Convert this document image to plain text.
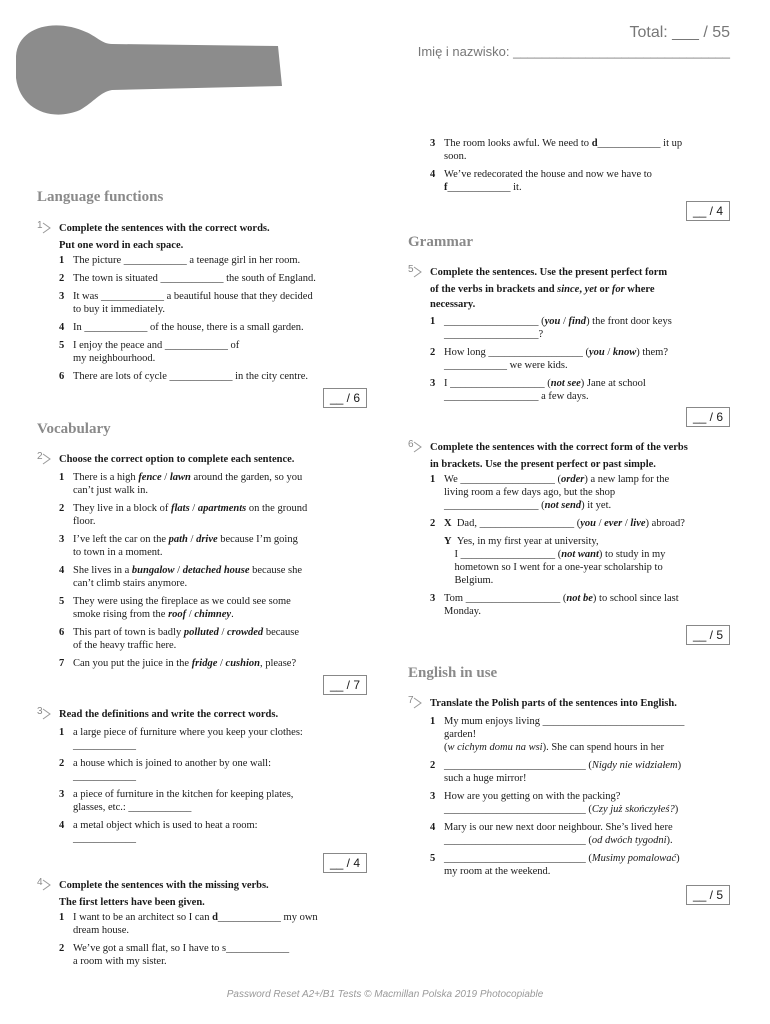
Total: ___ / 55
Imię i nazwisko: ______________________________
Language functions
1 Complete the sentences with the correct words.
Put one word in each space.
1 The picture ____________ a teenage girl in her room.
2 The town is situated ____________ the south of England.
3 It was ____________ a beautiful house that they decided
to buy it immediately.
4 In ____________ of the house, there is a small garden.
5 I enjoy the peace and ____________ of
my neighbourhood.
6 There are lots of cycle ____________ in the city centre.
__ / 6
Vocabulary
2 Choose the correct option to complete each sentence.
1 There is a high fence / lawn around the garden, so you
can’t just walk in.
2 They live in a block of flats / apartments on the ground
floor.
3 I’ve left the car on the path / drive because I’m going
to town in a moment.
4 She lives in a bungalow / detached house because she
can’t climb stairs anymore.
5 They were using the fireplace as we could see some
smoke rising from the roof / chimney.
6 This part of town is badly polluted / crowded because
of the heavy traffic here.
7 Can you put the juice in the fridge / cushion, please?
__ / 7
3 Read the definitions and write the correct words.
1 a large piece of furniture where you keep your clothes:
____________
2 a house which is joined to another by one wall:
____________
3 a piece of furniture in the kitchen for keeping plates,
glasses, etc.: ____________
4 a metal object which is used to heat a room:
____________
__ / 4
4 Complete the sentences with the missing verbs.
The first letters have been given.
1 I want to be an architect so I can d____________ my own
dream house.
2 We’ve got a small flat, so I have to s____________
a room with my sister.
3 The room looks awful. We need to d____________ it up
soon.
4 We’ve redecorated the house and now we have to
f____________ it.
__ / 4
Grammar
5 Complete the sentences. Use the present perfect form
of the verbs in brackets and since, yet or for where
necessary.
1 __________________ (you / find) the front door keys
__________________?
2 How long __________________ (you / know) them?
____________ we were kids.
3 I __________________ (not see) Jane at school
__________________ a few days.
__ / 6
6 Complete the sentences with the correct form of the verbs
in brackets. Use the present perfect or past simple.
1 We __________________ (order) a new lamp for the
living room a few days ago, but the shop
__________________ (not send) it yet.
2 X  Dad, __________________ (you / ever / live) abroad?
Y  Yes, in my first year at university,
I __________________ (not want) to study in my
hometown so I went for a one-year scholarship to
Belgium.
3 Tom __________________ (not be) to school since last
Monday.
__ / 5
English in use
7 Translate the Polish parts of the sentences into English.
1 My mum enjoys living ___________________________
garden!
(w cichym domu na wsi). She can spend hours in her
2 ___________________________ (Nigdy nie widziałem)
such a huge mirror!
3 How are you getting on with the packing?
___________________________ (Czy już skończyłeś?)
4 Mary is our new next door neighbour. She’s lived here
___________________________ (od dwóch tygodni).
5 ___________________________ (Musimy pomalować)
my room at the weekend.
__ / 5
Password Reset A2+/B1 Tests © Macmillan Polska 2019 Photocopiable
